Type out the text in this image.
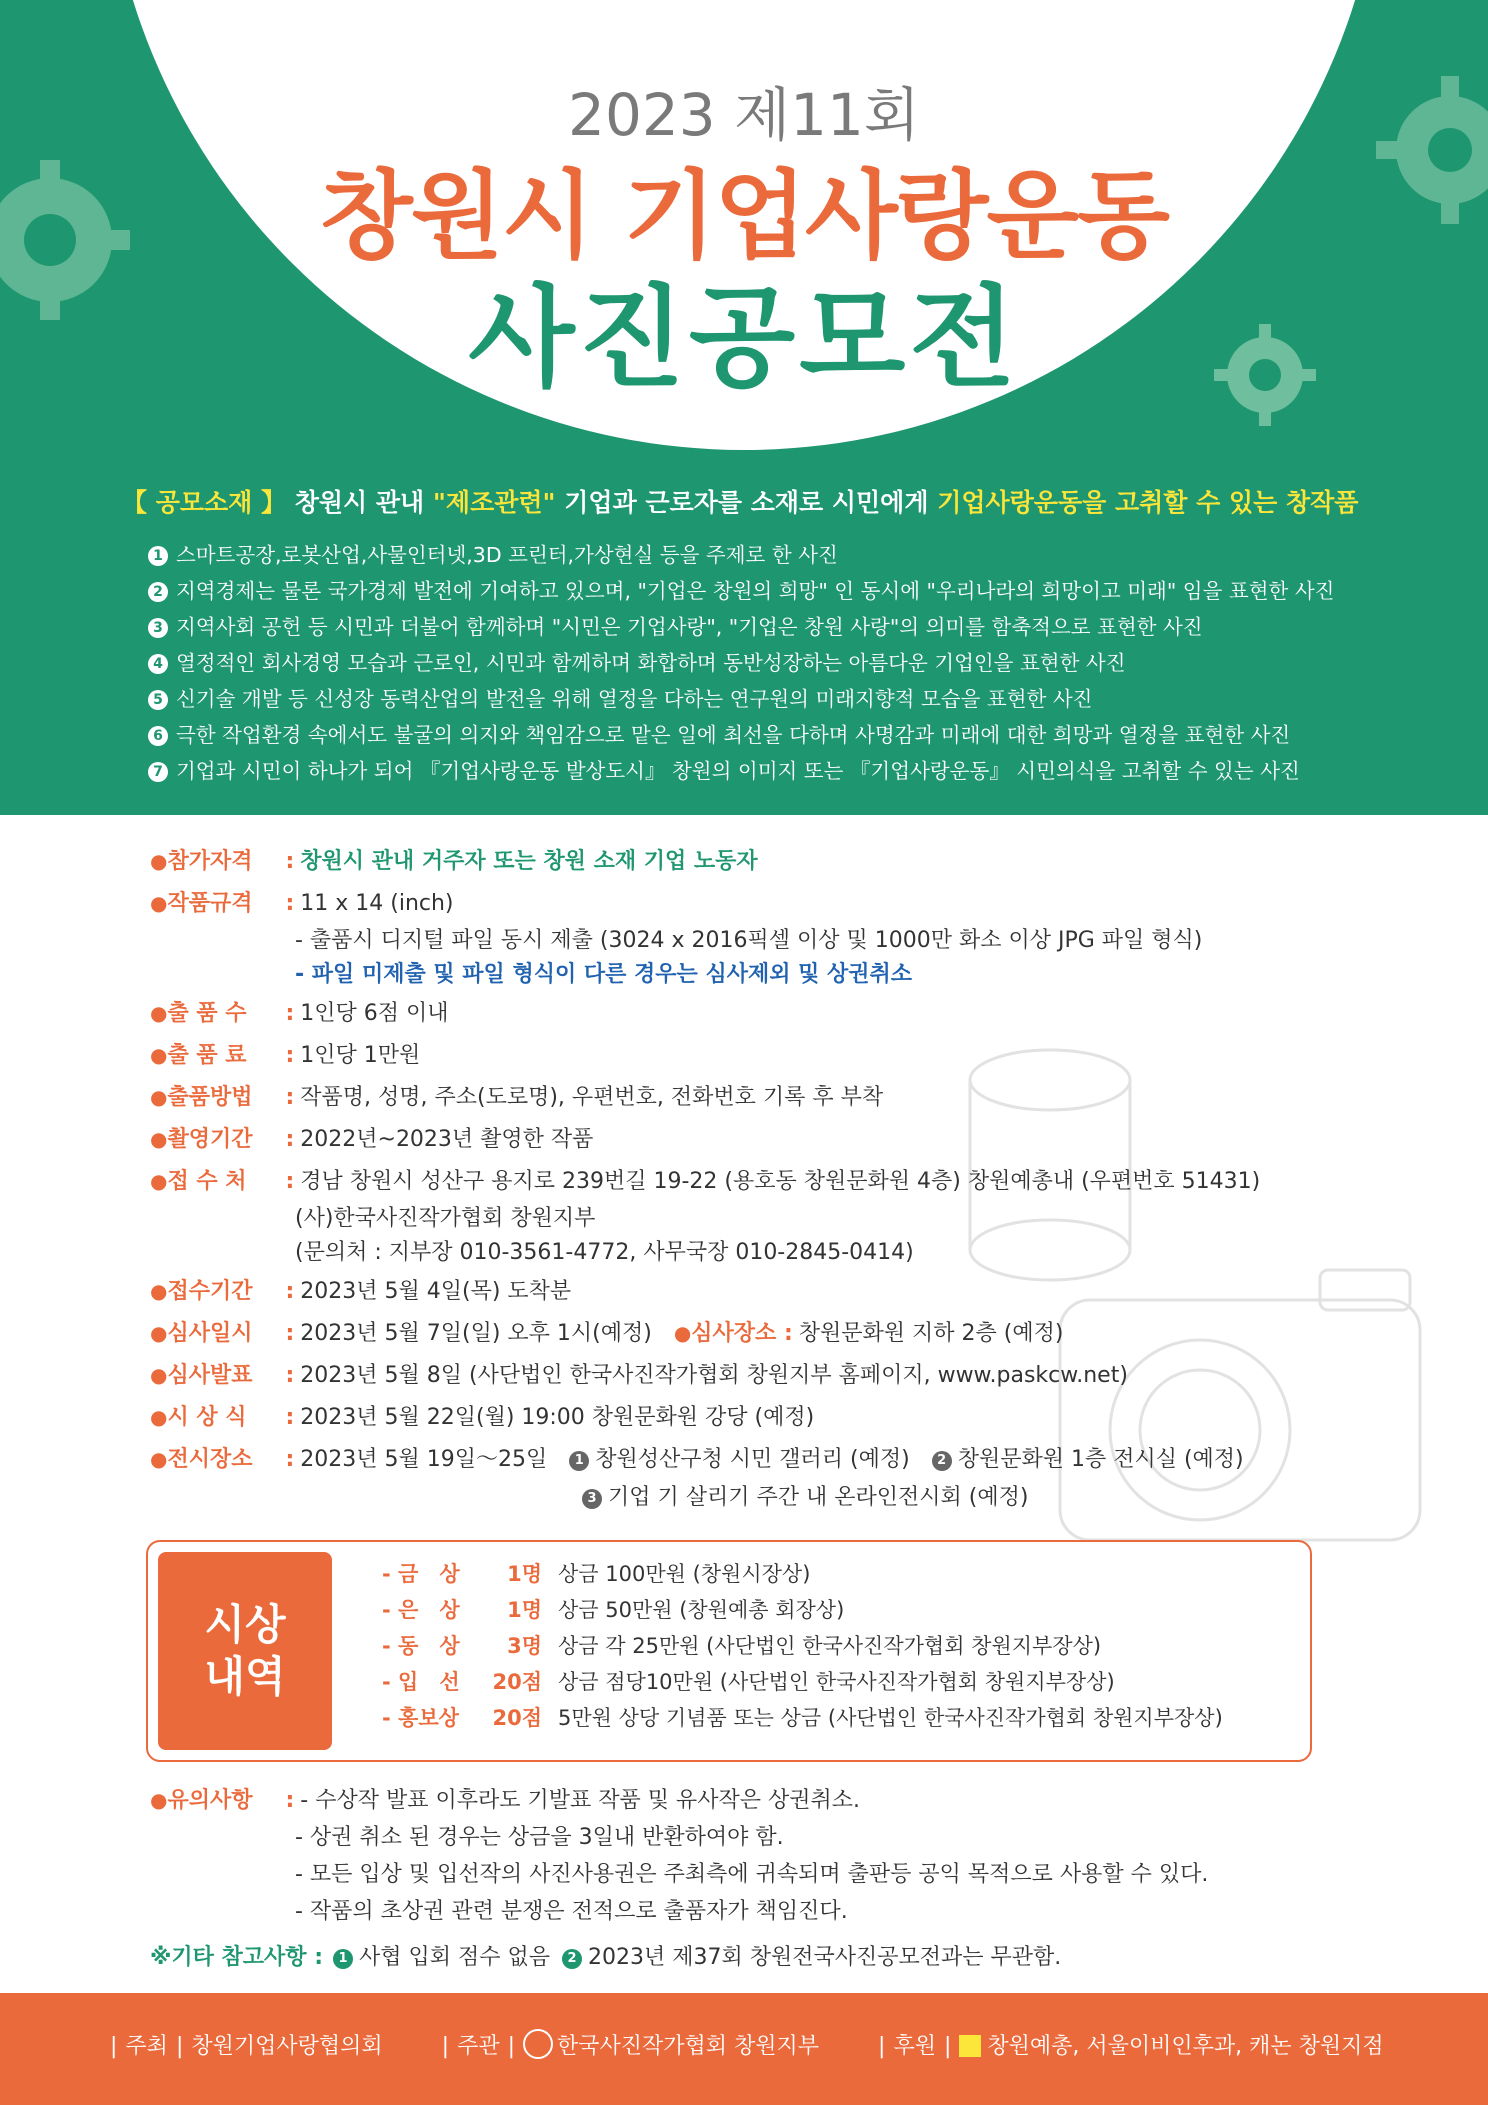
2023 제11회
창원시 기업사랑운동
사진공모전
【 공모소재 】 창원시 관내 "제조관련" 기업과 근로자를 소재로 시민에게 기업사랑운동을 고취할 수 있는 창작품
1 스마트공장,로봇산업,사물인터넷,3D 프린터,가상현실 등을 주제로 한 사진
2 지역경제는 물론 국가경제 발전에 기여하고 있으며, "기업은 창원의 희망" 인 동시에 "우리나라의 희망이고 미래" 임을 표현한 사진
3 지역사회 공헌 등 시민과 더불어 함께하며 "시민은 기업사랑", "기업은 창원 사랑"의 의미를 함축적으로 표현한 사진
4 열정적인 회사경영 모습과 근로인, 시민과 함께하며 화합하며 동반성장하는 아름다운 기업인을 표현한 사진
5 신기술 개발 등 신성장 동력산업의 발전을 위해 열정을 다하는 연구원의 미래지향적 모습을 표현한 사진
6 극한 작업환경 속에서도 불굴의 의지와 책임감으로 맡은 일에 최선을 다하며 사명감과 미래에 대한 희망과 열정을 표현한 사진
7 기업과 시민이 하나가 되어 『기업사랑운동 발상도시』 창원의 이미지 또는 『기업사랑운동』 시민의식을 고취할 수 있는 사진
●참가자격 : 창원시 관내 거주자 또는 창원 소재 기업 노동자
●작품규격 : 11 x 14 (inch)
- 출품시 디지털 파일 동시 제출 (3024 x 2016픽셀 이상 및 1000만 화소 이상 JPG 파일 형식)
- 파일 미제출 및 파일 형식이 다른 경우는 심사제외 및 상권취소
●출 품 수 : 1인당 6점 이내
●출 품 료 : 1인당 1만원
●출품방법 : 작품명, 성명, 주소(도로명), 우편번호, 전화번호 기록 후 부착
●촬영기간 : 2022년~2023년 촬영한 작품
●접 수 처 : 경남 창원시 성산구 용지로 239번길 19-22 (용호동 창원문화원 4층) 창원예총내 (우편번호 51431)
(사)한국사진작가협회 창원지부
(문의처 : 지부장 010-3561-4772, 사무국장 010-2845-0414)
●접수기간 : 2023년 5월 4일(목) 도착분
●심사일시 : 2023년 5월 7일(일) 오후 1시(예정)　 ●심사장소 : 창원문화원 지하 2층 (예정)
●심사발표 : 2023년 5월 8일 (사단법인 한국사진작가협회 창원지부 홈페이지, www.paskcw.net)
●시 상 식 : 2023년 5월 22일(월) 19:00 창원문화원 강당 (예정)
●전시장소 : 2023년 5월 19일～25일　 1 창원성산구청 시민 갤러리 (예정)　 2 창원문화원 1층 전시실 (예정)
3 기업 기 살리기 주간 내 온라인전시회 (예정)
시상
내역
- 금　상 1명 상금 100만원 (창원시장상)
- 은　상 1명 상금 50만원 (창원예총 회장상)
- 동　상 3명 상금 각 25만원 (사단법인 한국사진작가협회 창원지부장상)
- 입　선 20점 상금 점당10만원 (사단법인 한국사진작가협회 창원지부장상)
- 홍보상 20점 5만원 상당 기념품 또는 상금 (사단법인 한국사진작가협회 창원지부장상)
●유의사항 : - 수상작 발표 이후라도 기발표 작품 및 유사작은 상권취소.
- 상권 취소 된 경우는 상금을 3일내 반환하여야 함.
- 모든 입상 및 입선작의 사진사용권은 주최측에 귀속되며 출판등 공익 목적으로 사용할 수 있다.
- 작품의 초상권 관련 분쟁은 전적으로 출품자가 책임진다.
※기타 참고사항 : 1 사협 입회 점수 없음 2 2023년 제37회 창원전국사진공모전과는 무관함.
| 주최 | 창원기업사랑협의회	| 주관 | 한국사진작가협회 창원지부	| 후원 | 창원예총, 서울이비인후과, 캐논 창원지점
